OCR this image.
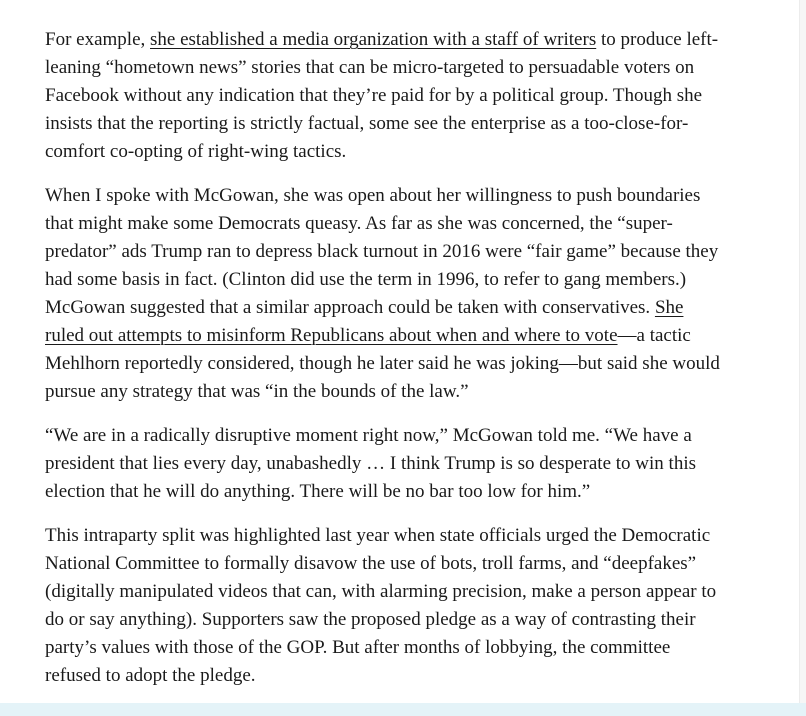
For example, she established a media organization with a staff of writers to produce left-leaning “hometown news” stories that can be micro-targeted to persuadable voters on Facebook without any indication that they’re paid for by a political group. Though she insists that the reporting is strictly factual, some see the enterprise as a too-close-for-comfort co-opting of right-wing tactics.

When I spoke with McGowan, she was open about her willingness to push boundaries that might make some Democrats queasy. As far as she was concerned, the “super-predator” ads Trump ran to depress black turnout in 2016 were “fair game” because they had some basis in fact. (Clinton did use the term in 1996, to refer to gang members.) McGowan suggested that a similar approach could be taken with conservatives. She ruled out attempts to misinform Republicans about when and where to vote—a tactic Mehlhorn reportedly considered, though he later said he was joking—but said she would pursue any strategy that was “in the bounds of the law.”

“We are in a radically disruptive moment right now,” McGowan told me. “We have a president that lies every day, unabashedly … I think Trump is so desperate to win this election that he will do anything. There will be no bar too low for him.”

This intraparty split was highlighted last year when state officials urged the Democratic National Committee to formally disavow the use of bots, troll farms, and “deepfakes” (digitally manipulated videos that can, with alarming precision, make a person appear to do or say anything). Supporters saw the proposed pledge as a way of contrasting their party’s values with those of the GOP. But after months of lobbying, the committee refused to adopt the pledge.
